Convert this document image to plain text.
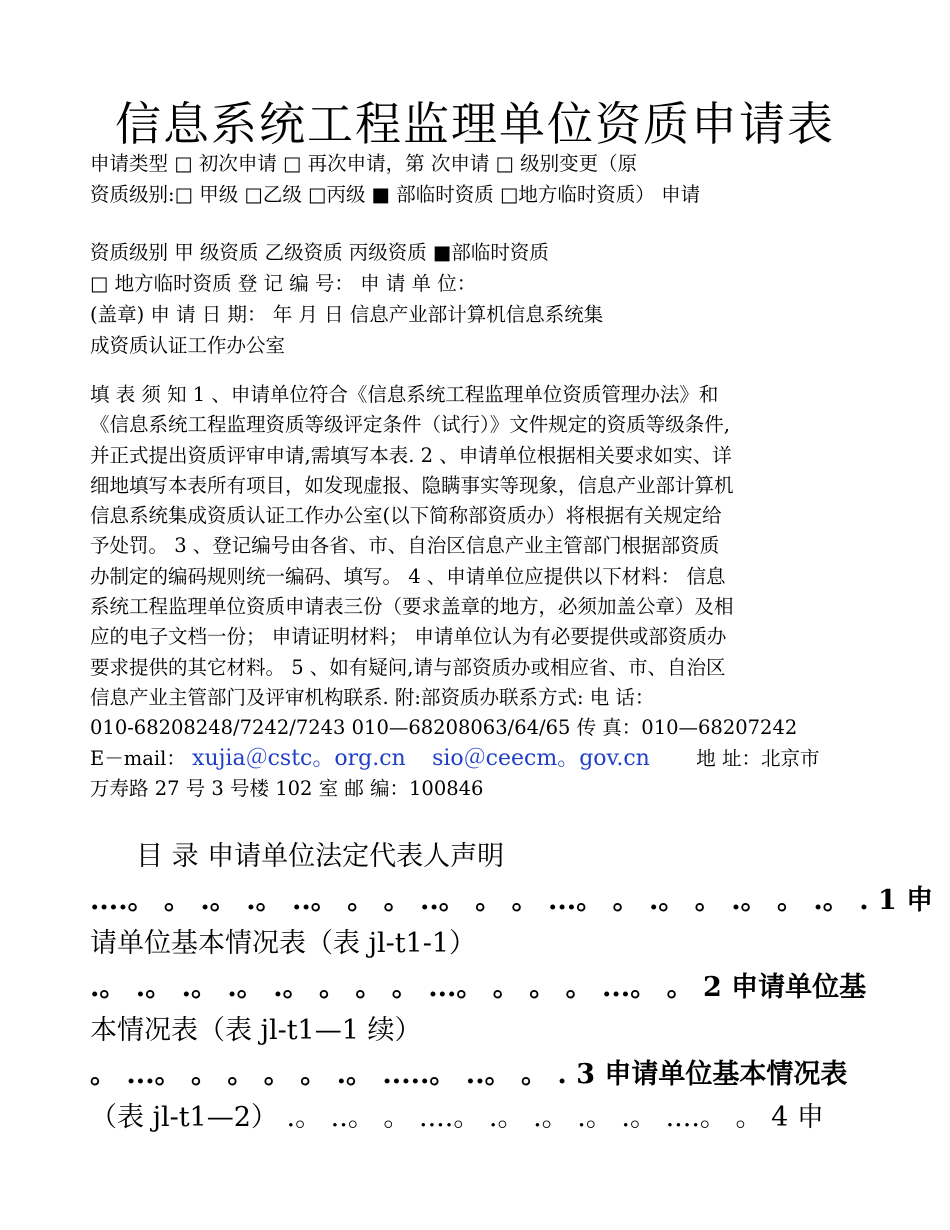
信息系统工程监理单位资质申请表
申请类型 □ 初次申请 □ 再次申请，第 次申请 □ 级别变更（原
资质级别:□ 甲级 □乙级 □丙级 ■ 部临时资质 □地方临时资质） 申请
资质级别 甲 级资质 乙级资质 丙级资质 ■部临时资质
□ 地方临时资质 登 记 编 号： 申 请 单 位：
(盖章) 申 请 日 期： 年 月 日 信息产业部计算机信息系统集
成资质认证工作办公室
填 表 须 知 1 、申请单位符合《信息系统工程监理单位资质管理办法》和
《信息系统工程监理资质等级评定条件（试行）》文件规定的资质等级条件,
并正式提出资质评审申请,需填写本表. 2 、申请单位根据相关要求如实、详
细地填写本表所有项目，如发现虚报、隐瞒事实等现象，信息产业部计算机
信息系统集成资质认证工作办公室(以下简称部资质办）将根据有关规定给
予处罚。 3 、登记编号由各省、市、自治区信息产业主管部门根据部资质
办制定的编码规则统一编码、填写。 4 、申请单位应提供以下材料： 信息
系统工程监理单位资质申请表三份（要求盖章的地方，必须加盖公章）及相
应的电子文档一份； 申请证明材料； 申请单位认为有必要提供或部资质办
要求提供的其它材料。 5 、如有疑问,请与部资质办或相应省、市、自治区
信息产业主管部门及评审机构联系. 附:部资质办联系方式: 电 话：
010-68208248/7242/7243 010—68208063/64/65 传 真：010—68207242
E－mail： xujia＠cstc。org.cn sio＠ceecm。gov.cn 地 址：北京市
万寿路 27 号 3 号楼 102 室 邮 编：100846
目 录 申请单位法定代表人声明
....。 。 .。 .。 ..。 。 。 ..。 。 。 ...。 。 .。 。 .。 。 .。 . 1 申
请单位基本情况表（表 jl-t1-1）
.。 .。 .。 .。 .。 。 。 。 ...。 。 。 。 ...。 。 2 申请单位基
本情况表（表 jl-t1—1 续）
。 ...。 。 。 。 。 .。 .....。 ..。 。 . 3 申请单位基本情况表
（表 jl-t1—2） .。 ..。 。 ....。 .。 .。 .。 .。 ....。 。 4 申
